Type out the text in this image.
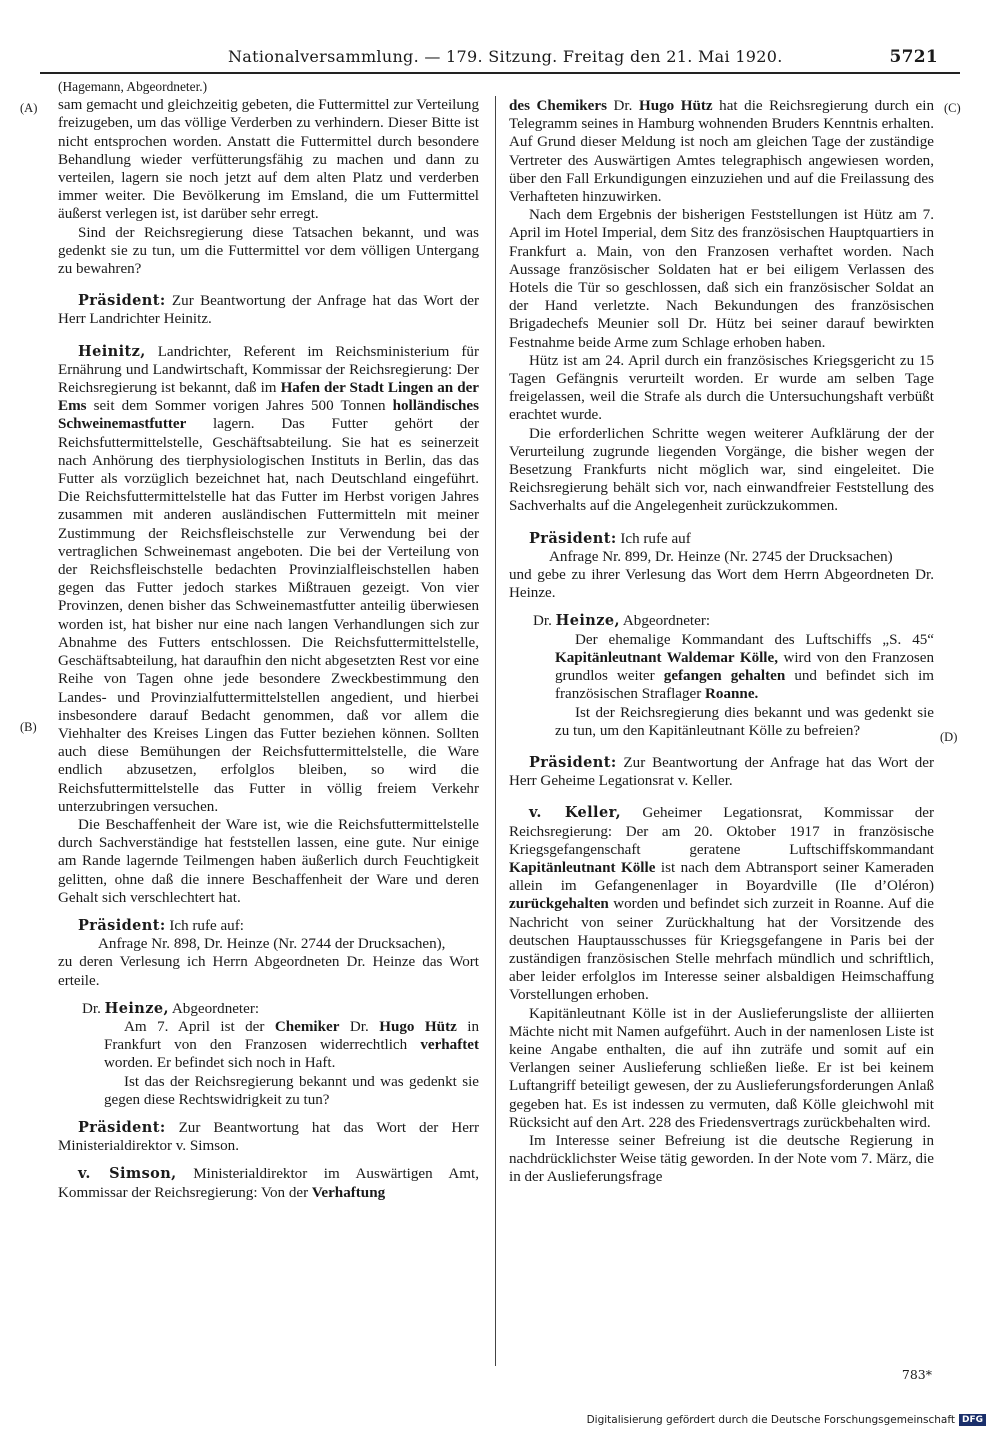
Nationalversammlung. — 179. Sitzung. Freitag den 21. Mai 1920.	5721
(A)
(B)
(C)
(D)
(Hagemann, Abgeordneter.)
sam gemacht und gleichzeitig gebeten, die Futtermittel zur Verteilung freizugeben, um das völlige Verderben zu verhindern. Dieser Bitte ist nicht entsprochen worden. Anstatt die Futtermittel durch besondere Behandlung wieder verfütterungsfähig zu machen und dann zu verteilen, lagern sie noch jetzt auf dem alten Platz und verderben immer weiter. Die Bevölkerung im Emsland, die um Futtermittel äußerst verlegen ist, ist darüber sehr erregt.
Sind der Reichsregierung diese Tatsachen bekannt, und was gedenkt sie zu tun, um die Futtermittel vor dem völligen Untergang zu bewahren?
Präsident: Zur Beantwortung der Anfrage hat das Wort der Herr Landrichter Heinitz.
Heinitz, Landrichter, Referent im Reichsministerium für Ernährung und Landwirtschaft, Kommissar der Reichsregierung: Der Reichsregierung ist bekannt, daß im Hafen der Stadt Lingen an der Ems seit dem Sommer vorigen Jahres 500 Tonnen holländisches Schweinemastfutter lagern. Das Futter gehört der Reichsfuttermittelstelle, Geschäftsabteilung. Sie hat es seinerzeit nach Anhörung des tierphysiologischen Instituts in Berlin, das das Futter als vorzüglich bezeichnet hat, nach Deutschland eingeführt. Die Reichsfuttermittelstelle hat das Futter im Herbst vorigen Jahres zusammen mit anderen ausländischen Futtermitteln mit meiner Zustimmung der Reichsfleischstelle zur Verwendung bei der vertraglichen Schweinemast angeboten. Die bei der Verteilung von der Reichsfleischstelle bedachten Provinzialfleischstellen haben gegen das Futter jedoch starkes Mißtrauen gezeigt. Von vier Provinzen, denen bisher das Schweinemastfutter anteilig überwiesen worden ist, hat bisher nur eine nach langen Verhandlungen sich zur Abnahme des Futters entschlossen. Die Reichsfuttermittelstelle, Geschäftsabteilung, hat daraufhin den nicht abgesetzten Rest vor eine Reihe von Tagen ohne jede besondere Zweckbestimmung den Landes- und Provinzialfuttermittelstellen angedient, und hierbei insbesondere darauf Bedacht genommen, daß vor allem die Viehhalter des Kreises Lingen das Futter beziehen können. Sollten auch diese Bemühungen der Reichsfuttermittelstelle, die Ware endlich abzusetzen, erfolglos bleiben, so wird die Reichsfuttermittelstelle das Futter in völlig freiem Verkehr unterzubringen versuchen.
Die Beschaffenheit der Ware ist, wie die Reichsfuttermittelstelle durch Sachverständige hat feststellen lassen, eine gute. Nur einige am Rande lagernde Teilmengen haben äußerlich durch Feuchtigkeit gelitten, ohne daß die innere Beschaffenheit der Ware und deren Gehalt sich verschlechtert hat.
Präsident: Ich rufe auf:
Anfrage Nr. 898, Dr. Heinze (Nr. 2744 der Drucksachen),
zu deren Verlesung ich Herrn Abgeordneten Dr. Heinze das Wort erteile.
Dr. Heinze, Abgeordneter:
Am 7. April ist der Chemiker Dr. Hugo Hütz in Frankfurt von den Franzosen widerrechtlich verhaftet worden. Er befindet sich noch in Haft.
Ist das der Reichsregierung bekannt und was gedenkt sie gegen diese Rechtswidrigkeit zu tun?
Präsident: Zur Beantwortung hat das Wort der Herr Ministerialdirektor v. Simson.
v. Simson, Ministerialdirektor im Auswärtigen Amt, Kommissar der Reichsregierung: Von der Verhaftung
des Chemikers Dr. Hugo Hütz hat die Reichsregierung durch ein Telegramm seines in Hamburg wohnenden Bruders Kenntnis erhalten. Auf Grund dieser Meldung ist noch am gleichen Tage der zuständige Vertreter des Auswärtigen Amtes telegraphisch angewiesen worden, über den Fall Erkundigungen einzuziehen und auf die Freilassung des Verhafteten hinzuwirken.
Nach dem Ergebnis der bisherigen Feststellungen ist Hütz am 7. April im Hotel Imperial, dem Sitz des französischen Hauptquartiers in Frankfurt a. Main, von den Franzosen verhaftet worden. Nach Aussage französischer Soldaten hat er bei eiligem Verlassen des Hotels die Tür so geschlossen, daß sich ein französischer Soldat an der Hand verletzte. Nach Bekundungen des französischen Brigadechefs Meunier soll Dr. Hütz bei seiner darauf bewirkten Festnahme beide Arme zum Schlage erhoben haben.
Hütz ist am 24. April durch ein französisches Kriegsgericht zu 15 Tagen Gefängnis verurteilt worden. Er wurde am selben Tage freigelassen, weil die Strafe als durch die Untersuchungshaft verbüßt erachtet wurde.
Die erforderlichen Schritte wegen weiterer Aufklärung der der Verurteilung zugrunde liegenden Vorgänge, die bisher wegen der Besetzung Frankfurts nicht möglich war, sind eingeleitet. Die Reichsregierung behält sich vor, nach einwandfreier Feststellung des Sachverhalts auf die Angelegenheit zurückzukommen.
Präsident: Ich rufe auf
Anfrage Nr. 899, Dr. Heinze (Nr. 2745 der Drucksachen)
und gebe zu ihrer Verlesung das Wort dem Herrn Abgeordneten Dr. Heinze.
Dr. Heinze, Abgeordneter:
Der ehemalige Kommandant des Luftschiffs „S. 45“ Kapitänleutnant Waldemar Kölle, wird von den Franzosen grundlos weiter gefangen gehalten und befindet sich im französischen Straflager Roanne.
Ist der Reichsregierung dies bekannt und was gedenkt sie zu tun, um den Kapitänleutnant Kölle zu befreien?
Präsident: Zur Beantwortung der Anfrage hat das Wort der Herr Geheime Legationsrat v. Keller.
v. Keller, Geheimer Legationsrat, Kommissar der Reichsregierung: Der am 20. Oktober 1917 in französische Kriegsgefangenschaft geratene Luftschiffskommandant Kapitänleutnant Kölle ist nach dem Abtransport seiner Kameraden allein im Gefangenenlager in Boyardville (Ile d’Oléron) zurückgehalten worden und befindet sich zurzeit in Roanne. Auf die Nachricht von seiner Zurückhaltung hat der Vorsitzende des deutschen Hauptausschusses für Kriegsgefangene in Paris bei der zuständigen französischen Stelle mehrfach mündlich und schriftlich, aber leider erfolglos im Interesse seiner alsbaldigen Heimschaffung Vorstellungen erhoben.
Kapitänleutnant Kölle ist in der Auslieferungsliste der alliierten Mächte nicht mit Namen aufgeführt. Auch in der namenlosen Liste ist keine Angabe enthalten, die auf ihn zuträfe und somit auf ein Verlangen seiner Auslieferung schließen ließe. Er ist bei keinem Luftangriff beteiligt gewesen, der zu Auslieferungsforderungen Anlaß gegeben hat. Es ist indessen zu vermuten, daß Kölle gleichwohl mit Rücksicht auf den Art. 228 des Friedensvertrags zurückbehalten wird.
Im Interesse seiner Befreiung ist die deutsche Regierung in nachdrücklichster Weise tätig geworden. In der Note vom 7. März, die in der Auslieferungsfrage
783*
Digitalisierung gefördert durch die Deutsche Forschungsgemeinschaft DFG
